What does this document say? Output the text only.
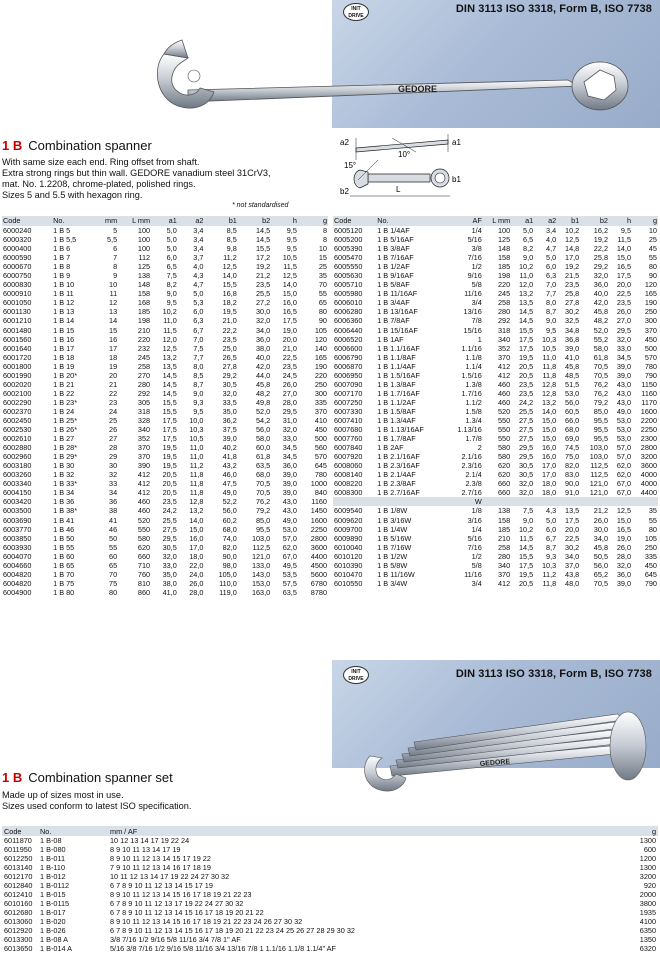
DIN 3113 ISO 3318, Form B, ISO 7738
INIT
DRIVE
GEDORE
1 B Combination spanner
With same size each end. Ring offset from shaft.
Extra strong rings but thin wall. GEDORE vanadium steel 31CrV3,
mat. No. 1.2208, chrome-plated, polished rings.
Sizes 5 and 5.5 with hexagon ring.
* not standardised
a2
10°
a1
15°
L
b2
b1
Code	No.	mm	L mm	a1	a2	b1	b2	h	g
6000240	1 B 5	5	100	5,0	3,4	8,5	14,5	9,5	8
6000320	1 B 5,5	5,5	100	5,0	3,4	8,5	14,5	9,5	8
6000400	1 B 6	6	100	5,0	3,4	9,8	15,5	9,5	10
6000590	1 B 7	7	112	6,0	3,7	11,2	17,2	10,5	15
6000670	1 B 8	8	125	6,5	4,0	12,5	19,2	11,5	25
6000750	1 B 9	9	138	7,5	4,3	14,0	21,2	12,5	35
6000830	1 B 10	10	148	8,2	4,7	15,5	23,5	14,0	70
6000910	1 B 11	11	158	9,0	5,0	16,8	25,5	15,0	55
6001050	1 B 12	12	168	9,5	5,3	18,2	27,2	16,0	65
6001130	1 B 13	13	185	10,2	6,0	19,5	30,0	16,5	80
6001210	1 B 14	14	198	11,0	6,3	21,0	32,0	17,5	90
6001480	1 B 15	15	210	11,5	6,7	22,2	34,0	19,0	105
6001560	1 B 16	16	220	12,0	7,0	23,5	36,0	20,0	120
6001640	1 B 17	17	232	12,5	7,5	25,0	38,0	21,0	140
6001720	1 B 18	18	245	13,2	7,7	26,5	40,0	22,5	165
6001800	1 B 19	19	258	13,5	8,0	27,8	42,0	23,5	190
6001990	1 B 20*	20	270	14,5	8,5	29,2	44,0	24,5	220
6002020	1 B 21	21	280	14,5	8,7	30,5	45,8	26,0	250
6002100	1 B 22	22	292	14,5	9,0	32,0	48,2	27,0	300
6002290	1 B 23*	23	305	15,5	9,3	33,5	49,8	28,0	335
6002370	1 B 24	24	318	15,5	9,5	35,0	52,0	29,5	370
6002450	1 B 25*	25	328	17,5	10,0	36,2	54,2	31,0	410
6002530	1 B 26*	26	340	17,5	10,3	37,5	56,0	32,0	450
6002610	1 B 27	27	352	17,5	10,5	39,0	58,0	33,0	500
6002880	1 B 28*	28	370	19,5	11,0	40,2	60,0	34,5	560
6002960	1 B 29*	29	370	19,5	11,0	41,8	61,8	34,5	570
6003180	1 B 30	30	390	19,5	11,2	43,2	63,5	36,0	645
6003260	1 B 32	32	412	20,5	11,8	46,0	68,0	39,0	780
6003340	1 B 33*	33	412	20,5	11,8	47,5	70,5	39,0	1000
6004150	1 B 34	34	412	20,5	11,8	49,0	70,5	39,0	840
6003420	1 B 36	36	460	23,5	12,8	52,2	76,2	43,0	1160
6003500	1 B 38*	38	460	24,2	13,2	56,0	79,2	43,0	1450
6003690	1 B 41	41	520	25,5	14,0	60,2	85,0	49,0	1600
6003770	1 B 46	46	550	27,5	15,0	68,0	95,5	53,0	2250
6003850	1 B 50	50	580	29,5	16,0	74,0	103,0	57,0	2800
6003930	1 B 55	55	620	30,5	17,0	82,0	112,5	62,0	3600
6004070	1 B 60	60	660	32,0	18,0	90,0	121,0	67,0	4400
6004660	1 B 65	65	710	33,0	22,0	98,0	133,0	49,5	4500
6004820	1 B 70	70	760	35,0	24,0	105,0	143,0	53,5	5600
6004820	1 B 75	75	810	38,0	26,0	110,0	153,0	57,5	6780
6004900	1 B 80	80	860	41,0	28,0	119,0	163,0	63,5	8780
Code	No.	AF	L mm	a1	a2	b1	b2	h	g
6005120	1 B 1/4AF	1/4	100	5,0	3,4	10,2	16,2	9,5	10
6005200	1 B 5/16AF	5/16	125	6,5	4,0	12,5	19,2	11,5	25
6005390	1 B 3/8AF	3/8	148	8,2	4,7	14,8	22,2	14,0	45
6005470	1 B 7/16AF	7/16	158	9,0	5,0	17,0	25,8	15,0	55
6005550	1 B 1/2AF	1/2	185	10,2	6,0	19,2	29,2	16,5	80
6005630	1 B 9/16AF	9/16	198	11,0	6,3	21,5	32,0	17,5	90
6005710	1 B 5/8AF	5/8	220	12,0	7,0	23,5	36,0	20,0	120
6005980	1 B 11/16AF	11/16	245	13,2	7,7	25,8	40,0	22,5	165
6006010	1 B 3/4AF	3/4	258	13,5	8,0	27,8	42,0	23,5	190
6006280	1 B 13/16AF	13/16	280	14,5	8,7	30,2	45,8	26,0	250
6006360	1 B 7/8AF	7/8	292	14,5	9,0	32,5	48,2	27,0	300
6006440	1 B 15/16AF	15/16	318	15,5	9,5	34,8	52,0	29,5	370
6006520	1 B 1AF	1	340	17,5	10,3	36,8	55,2	32,0	450
6006600	1 B 1.1/16AF	1.1/16	352	17,5	10,5	39,0	58,0	33,0	500
6006790	1 B 1.1/8AF	1.1/8	370	19,5	11,0	41,0	61,8	34,5	570
6006870	1 B 1.1/4AF	1.1/4	412	20,5	11,8	45,8	70,5	39,0	780
6006950	1 B 1.5/16AF	1.5/16	412	20,5	11,8	48,5	70,5	39,0	790
6007090	1 B 1.3/8AF	1.3/8	460	23,5	12,8	51,5	76,2	43,0	1150
6007170	1 B 1.7/16AF	1.7/16	460	23,5	12,8	53,0	76,2	43,0	1160
6007250	1 B 1.1/2AF	1.1/2	460	24,2	13,2	56,0	79,2	43,0	1170
6007330	1 B 1.5/8AF	1.5/8	520	25,5	14,0	60,5	85,0	49,0	1600
6007410	1 B 1.3/4AF	1.3/4	550	27,5	15,0	66,0	95,5	53,0	2200
6007680	1 B 1.13/16AF	1.13/16	550	27,5	15,0	68,0	95,5	53,0	2250
6007760	1 B 1.7/8AF	1.7/8	550	27,5	15,0	69,0	95,5	53,0	2300
6007840	1 B 2AF	2	580	29,5	16,0	74,5	103,0	57,0	2800
6007920	1 B 2.1/16AF	2.1/16	580	29,5	16,0	75,0	103,0	57,0	3200
6008060	1 B 2.3/16AF	2.3/16	620	30,5	17,0	82,0	112,5	62,0	3600
6008140	1 B 2.1/4AF	2.1/4	620	30,5	17,0	83,0	112,5	62,0	4000
6008220	1 B 2.3/8AF	2.3/8	660	32,0	18,0	90,0	121,0	67,0	4000
6008300	1 B 2.7/16AF	2.7/16	660	32,0	18,0	91,0	121,0	67,0	4400
		W							
6009540	1 B 1/8W	1/8	138	7,5	4,3	13,5	21,2	12,5	35
6009620	1 B 3/16W	3/16	158	9,0	5,0	17,5	26,0	15,0	55
6009700	1 B 1/4W	1/4	185	10,2	6,0	20,0	30,0	16,5	80
6009890	1 B 5/16W	5/16	210	11,5	6,7	22,5	34,0	19,0	105
6010040	1 B 7/16W	7/16	258	14,5	8,7	30,2	45,8	26,0	250
6010120	1 B 1/2W	1/2	280	15,5	9,3	34,0	50,5	28,0	335
6010390	1 B 5/8W	5/8	340	17,5	10,3	37,0	56,0	32,0	450
6010470	1 B 11/16W	11/16	370	19,5	11,2	43,8	65,2	36,0	645
6010550	1 B 3/4W	3/4	412	20,5	11,8	48,0	70,5	39,0	790
DIN 3113 ISO 3318, Form B, ISO 7738
INIT
DRIVE
GEDORE
1 B Combination spanner set
Made up of sizes most in use.
Sizes used conform to latest ISO specification.
Code	No.	mm / AF	g
6011870	1 B-08	10 12 13 14 17 19 22 24	1300
6011950	1 B-080	8 9 10 11 13 14 17 19	600
6012250	1 B-011	8 9 10 11 12 13 14 15 17 19 22	1200
6013140	1 B-110	7 9 10 11 12 13 14 16 17 18 19	1300
6012170	1 B-012	10 11 12 13 14 17 19 22 24 27 30 32	3200
6012840	1 B-0112	6 7 8 9 10 11 12 13 14 15 17 19	920
6012410	1 B-015	8 9 10 11 12 13 14 15 16 17 18 19 21 22 23	2000
6010160	1 B-0115	6 7 8 9 10 11 12 13 17 19 22 24 27 30 32	3800
6012680	1 B-017	6 7 8 9 10 11 12 13 14 15 16 17 18 19 20 21 22	1935
6013060	1 B-020	8 9 10 11 12 13 14 15 16 17 18 19 21 22 23 24 26 27 30 32	4100
6012920	1 B-026	6 7 8 9 10 11 12 13 14 15 16 17 18 19 20 21 22 23 24 25 26 27 28 29 30 32	6350
6013300	1 B-08 A	3/8 7/16 1/2 9/16 5/8 11/16 3/4 7/8 1" AF	1350
6013650	1 B-014 A	5/16 3/8 7/16 1/2 9/16 5/8 11/16 3/4 13/16 7/8 1 1.1/16 1.1/8 1.1/4" AF	6320
